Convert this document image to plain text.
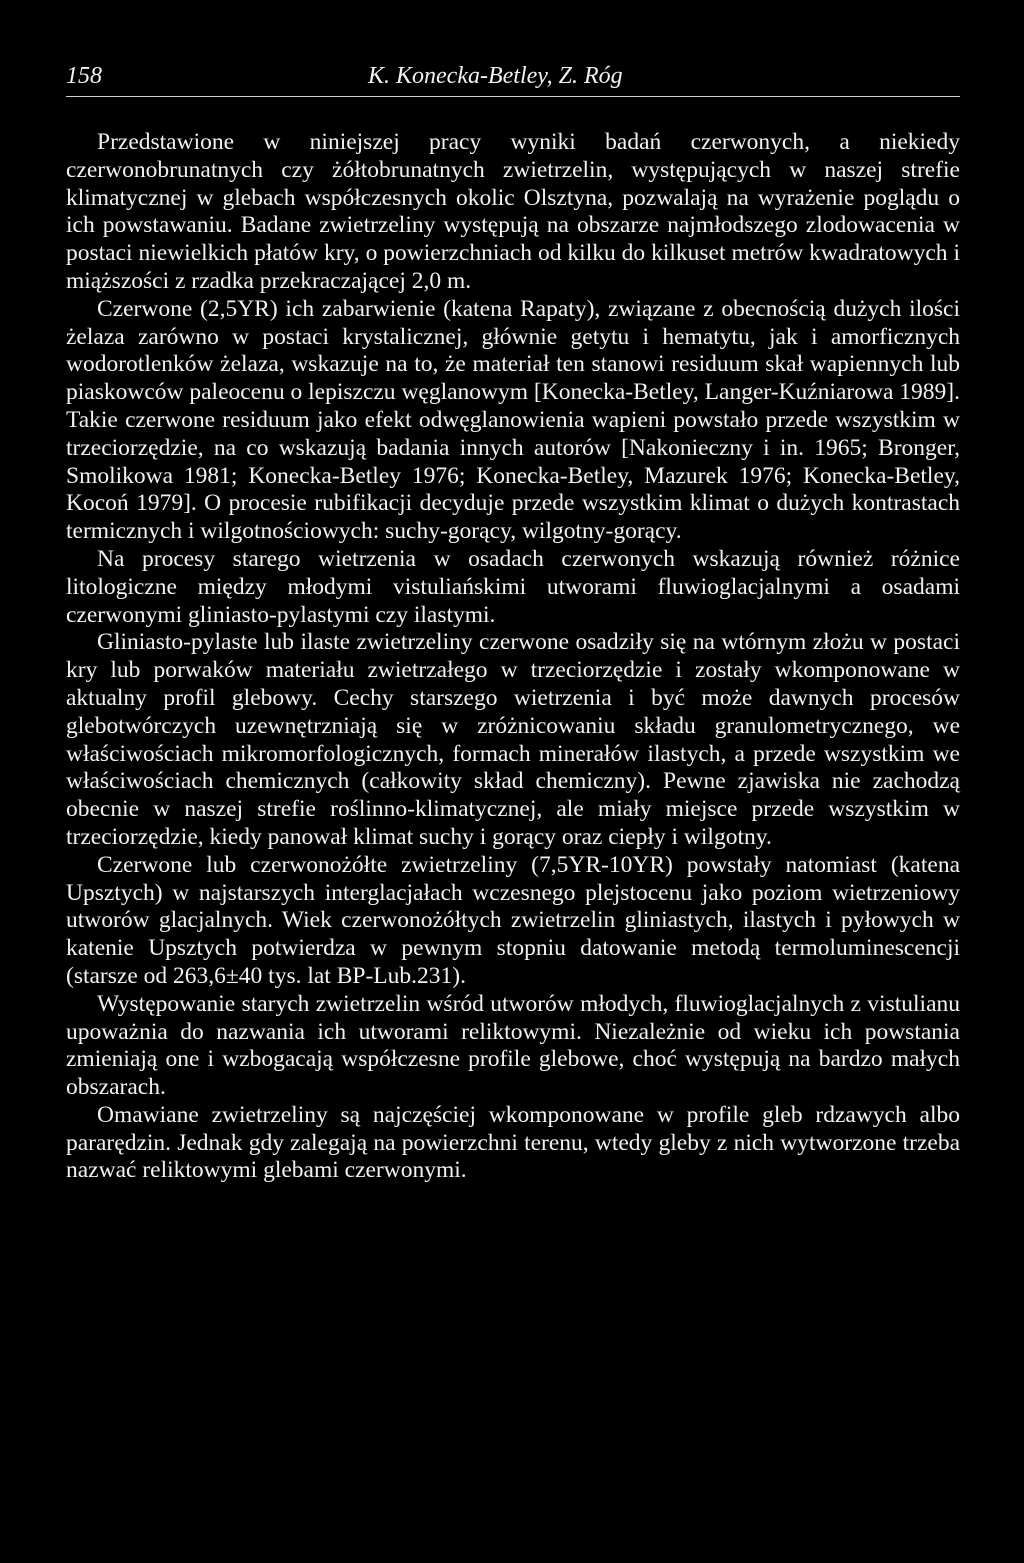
158	K. Konecka-Betley, Z. Róg

Przedstawione w niniejszej pracy wyniki badań czerwonych, a niekiedy czerwonobrunatnych czy żółtobrunatnych zwietrzelin, występujących w naszej strefie klimatycznej w glebach współczesnych okolic Olsztyna, pozwalają na wyrażenie poglądu o ich powstawaniu. Badane zwietrzeliny występują na obszarze najmłodszego zlodowacenia w postaci niewielkich płatów kry, o powierzchniach od kilku do kilkuset metrów kwadratowych i miąższości z rzadka przekraczającej 2,0 m.

Czerwone (2,5YR) ich zabarwienie (katena Rapaty), związane z obecnością dużych ilości żelaza zarówno w postaci krystalicznej, głównie getytu i hematytu, jak i amorficznych wodorotlenków żelaza, wskazuje na to, że materiał ten stanowi residuum skał wapiennych lub piaskowców paleocenu o lepiszczu węglanowym [Konecka-Betley, Langer-Kuźniarowa 1989]. Takie czerwone residuum jako efekt odwęglanowienia wapieni powstało przede wszystkim w trzeciorzędzie, na co wskazują badania innych autorów [Nakonieczny i in. 1965; Bronger, Smolikowa 1981; Konecka-Betley 1976; Konecka-Betley, Mazurek 1976; Konecka-Betley, Kocoń 1979]. O procesie rubifikacji decyduje przede wszystkim klimat o dużych kontrastach termicznych i wilgotnościowych: suchy-gorący, wilgotny-gorący.

Na procesy starego wietrzenia w osadach czerwonych wskazują również różnice litologiczne między młodymi vistuliańskimi utworami fluwioglacjalnymi a osadami czerwonymi gliniasto-pylastymi czy ilastymi.

Gliniasto-pylaste lub ilaste zwietrzeliny czerwone osadziły się na wtórnym złożu w postaci kry lub porwaków materiału zwietrzałego w trzeciorzędzie i zostały wkomponowane w aktualny profil glebowy. Cechy starszego wietrzenia i być może dawnych procesów glebotwórczych uzewnętrzniają się w zróżnicowaniu składu granulometrycznego, we właściwościach mikromorfologicznych, formach minerałów ilastych, a przede wszystkim we właściwościach chemicznych (całkowity skład chemiczny). Pewne zjawiska nie zachodzą obecnie w naszej strefie roślinno-klimatycznej, ale miały miejsce przede wszystkim w trzeciorzędzie, kiedy panował klimat suchy i gorący oraz ciepły i wilgotny.

Czerwone lub czerwonożółte zwietrzeliny (7,5YR-10YR) powstały natomiast (katena Upsztych) w najstarszych interglacjałach wczesnego plejstocenu jako poziom wietrzeniowy utworów glacjalnych. Wiek czerwonożółtych zwietrzelin gliniastych, ilastych i pyłowych w katenie Upsztych potwierdza w pewnym stopniu datowanie metodą termoluminescencji (starsze od 263,6±40 tys. lat BP-Lub.231).

Występowanie starych zwietrzelin wśród utworów młodych, fluwioglacjalnych z vistulianu upoważnia do nazwania ich utworami reliktowymi. Niezależnie od wieku ich powstania zmieniają one i wzbogacają współczesne profile glebowe, choć występują na bardzo małych obszarach.

Omawiane zwietrzeliny są najczęściej wkomponowane w profile gleb rdzawych albo pararędzin. Jednak gdy zalegają na powierzchni terenu, wtedy gleby z nich wytworzone trzeba nazwać reliktowymi glebami czerwonymi.
